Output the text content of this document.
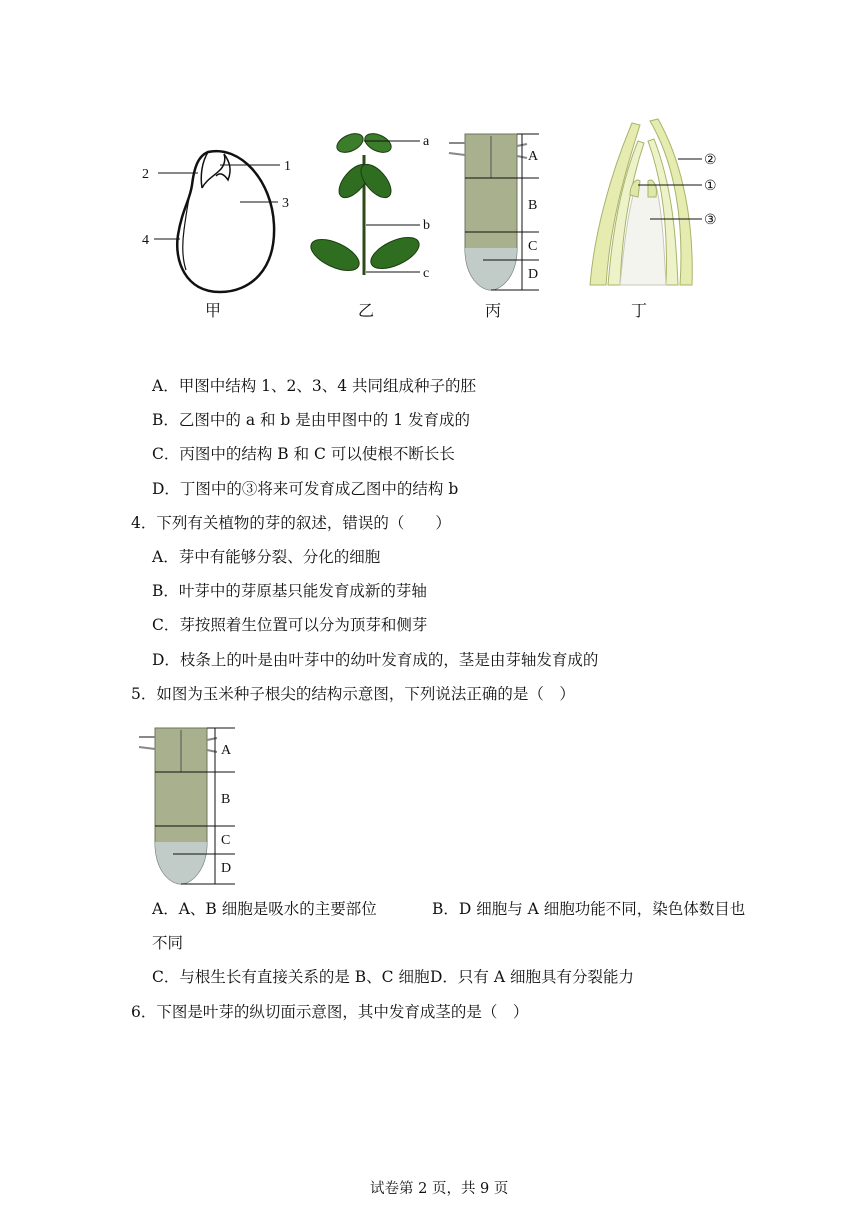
1
2
3
4
甲
a
b
c
乙
A
B
C
D
丙
②
①
③
丁
A．甲图中结构 1、2、3、4 共同组成种子的胚
B．乙图中的 a 和 b 是由甲图中的 1 发育成的
C．丙图中的结构 B 和 C 可以使根不断长长
D．丁图中的③将来可发育成乙图中的结构 b
4．下列有关植物的芽的叙述，错误的（　　）
A．芽中有能够分裂、分化的细胞
B．叶芽中的芽原基只能发育成新的芽轴
C．芽按照着生位置可以分为顶芽和侧芽
D．枝条上的叶是由叶芽中的幼叶发育成的，茎是由芽轴发育成的
5．如图为玉米种子根尖的结构示意图，下列说法正确的是（　）
A
B
C
D
A．A、B 细胞是吸水的主要部位	B．D 细胞与 A 细胞功能不同，染色体数目也
不同
C．与根生长有直接关系的是 B、C 细胞 D．只有 A 细胞具有分裂能力
6．下图是叶芽的纵切面示意图，其中发育成茎的是（　）
试卷第 2 页，共 9 页
